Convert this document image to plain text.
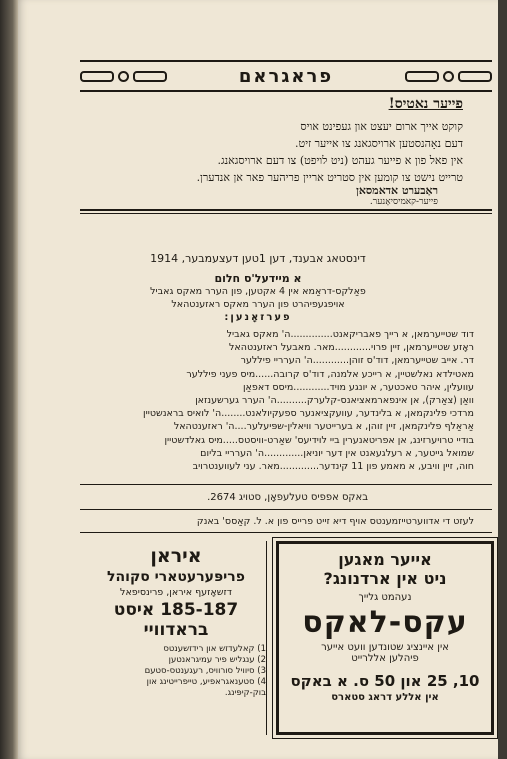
פראגראם
פייער נאטיס!
קוקט אייך ארום יעצט און געפינט אויס
דעם נאָהנסטען ארויסגאנג צו אייער זיט.
אין פאל פון א פייער געהט (ניט לויפט) צו דעם ארויסגאנג.
טרייט נישט צו קומען אין סטריט אריין פריהער פאר אן אנדערן.
ראַבערט אדאמסאן
פייער-קאמיסיאָנער.
דינסטאג אבענד, דען 1טען דעצעמבער, 1914
א מיידעל'ס חלום
פאַלקס-דראַמא אין 4 אקטען, פון הערר מאקס גאביל
אויפגעפיהרט פון הערר מאקס ראזענטהאל
פערזאָנען:
דוד שטייערמאן, א רייך פאבריקאנט..............ה' מאקס גאביל
ראָזע שטייערמאן, זיין פרוי............מאר. מאבעל ראזענטהאל
דר. אייב שטייערמאן, דוד'ס זוהן............ה' הערריי פיללער
מאטילדא נאלשטיין, א רייכע אלמנה, דוד'ס קרובה......מיס פעני פיללער
עוועלין, איהר טאכטער, א יונגע מויד............מיסס דאפאַן
וואַן (צאַרק), אן אינפארמאציאנס-קלערק..........ה' הערר גערשענזאן
מרדכי פלינקמאן, א בלינדער, עוועקציאנער ספעקיולאנט........ה' לואיס בראנשטיין
אַראַלף פלינקמאן, זיין זוהן, א בערייטער וויאלין-שפּיעלער....ה' ראזענטהאל
בודיי טרויערזינג, אן אפריטאנערין ביי לוידיעס' שאַרט-וויסטס.....מיס גאלדשטיין
שמואל גייטער, א רעלגעאנט אין דער יוניאן.............ה' הערריי בליום
חוה, זיין וויבע, א מאמע פון 11 קינדער.............מאר. עני לעווענטרויב
באקס אפפיס טעלעפאָן, סטויג 2674.
לעזט די אדווערטייזמענטס אויף דיא זייט פרייס פון א. ל. קאַסס' באנק
אייער מאגען
ניט אין ארדנונג?
נעהמט גלייך
עקס-לאקס
אין איינציג שטונדען וועט אייער
פיהלען אללרייט
10, 25 און 50 ס. א באקס
אין אללע דראג סטארס
איראן
פריפּערעטארי סקוהל
דזשאָזעף איראן, פרינסיפאל
185-187 איסט בראדוויי
1) קאלעדזש און רידזשענטס
2) ענגליש פיר עמיגראנטען
3) סיוויל סורוויס, רעגענטס-סטעם
4) סטענאגראפיע, טייפרייטינג און
בוק-קיפּינג.
